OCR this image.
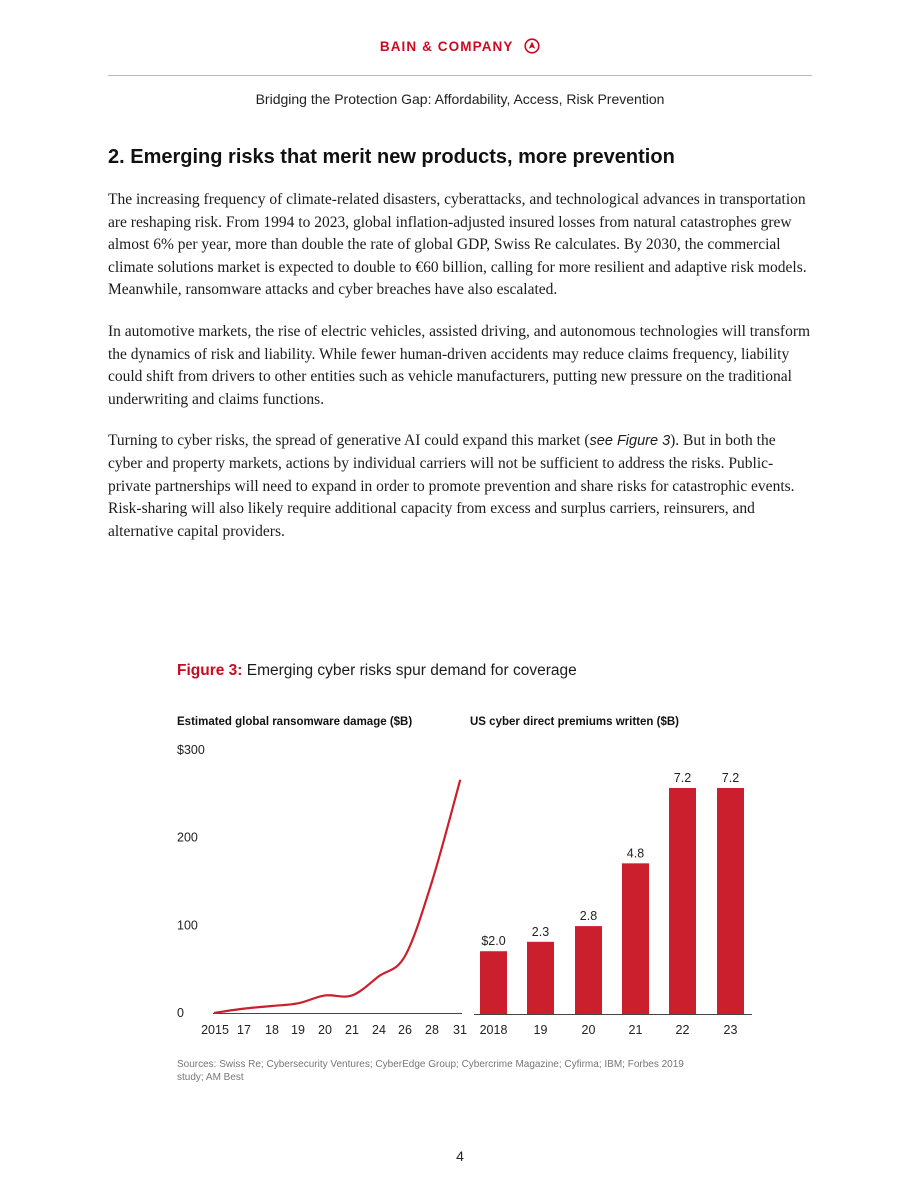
BAIN & COMPANY
Bridging the Protection Gap: Affordability, Access, Risk Prevention
2. Emerging risks that merit new products, more prevention

The increasing frequency of climate-related disasters, cyberattacks, and technological advances in transportation are reshaping risk. From 1994 to 2023, global inflation-adjusted insured losses from natural catastrophes grew almost 6% per year, more than double the rate of global GDP, Swiss Re calculates. By 2030, the commercial climate solutions market is expected to double to €60 billion, calling for more resilient and adaptive risk models. Meanwhile, ransomware attacks and cyber breaches have also escalated.

In automotive markets, the rise of electric vehicles, assisted driving, and autonomous technologies will transform the dynamics of risk and liability. While fewer human-driven accidents may reduce claims frequency, liability could shift from drivers to other entities such as vehicle manufacturers, putting new pressure on the traditional underwriting and claims functions.

Turning to cyber risks, the spread of generative AI could expand this market (see Figure 3). But in both the cyber and property markets, actions by individual carriers will not be sufficient to address the risks. Public-private partnerships will need to expand in order to promote prevention and share risks for catastrophic events. Risk-sharing will also likely require additional capacity from excess and surplus carriers, reinsurers, and alternative capital providers.

Figure 3: Emerging cyber risks spur demand for coverage
Estimated global ransomware damage ($B)	US cyber direct premiums written ($B)
0
100
200
$300
2015 17 18 19 20 21 24 26 28 31
$2.0
2018
2.3
19
2.8
20
4.8
21
7.2
22
7.2
23
Sources: Swiss Re; Cybersecurity Ventures; CyberEdge Group; Cybercrime Magazine; Cyfirma; IBM; Forbes 2019 study; AM Best
4
